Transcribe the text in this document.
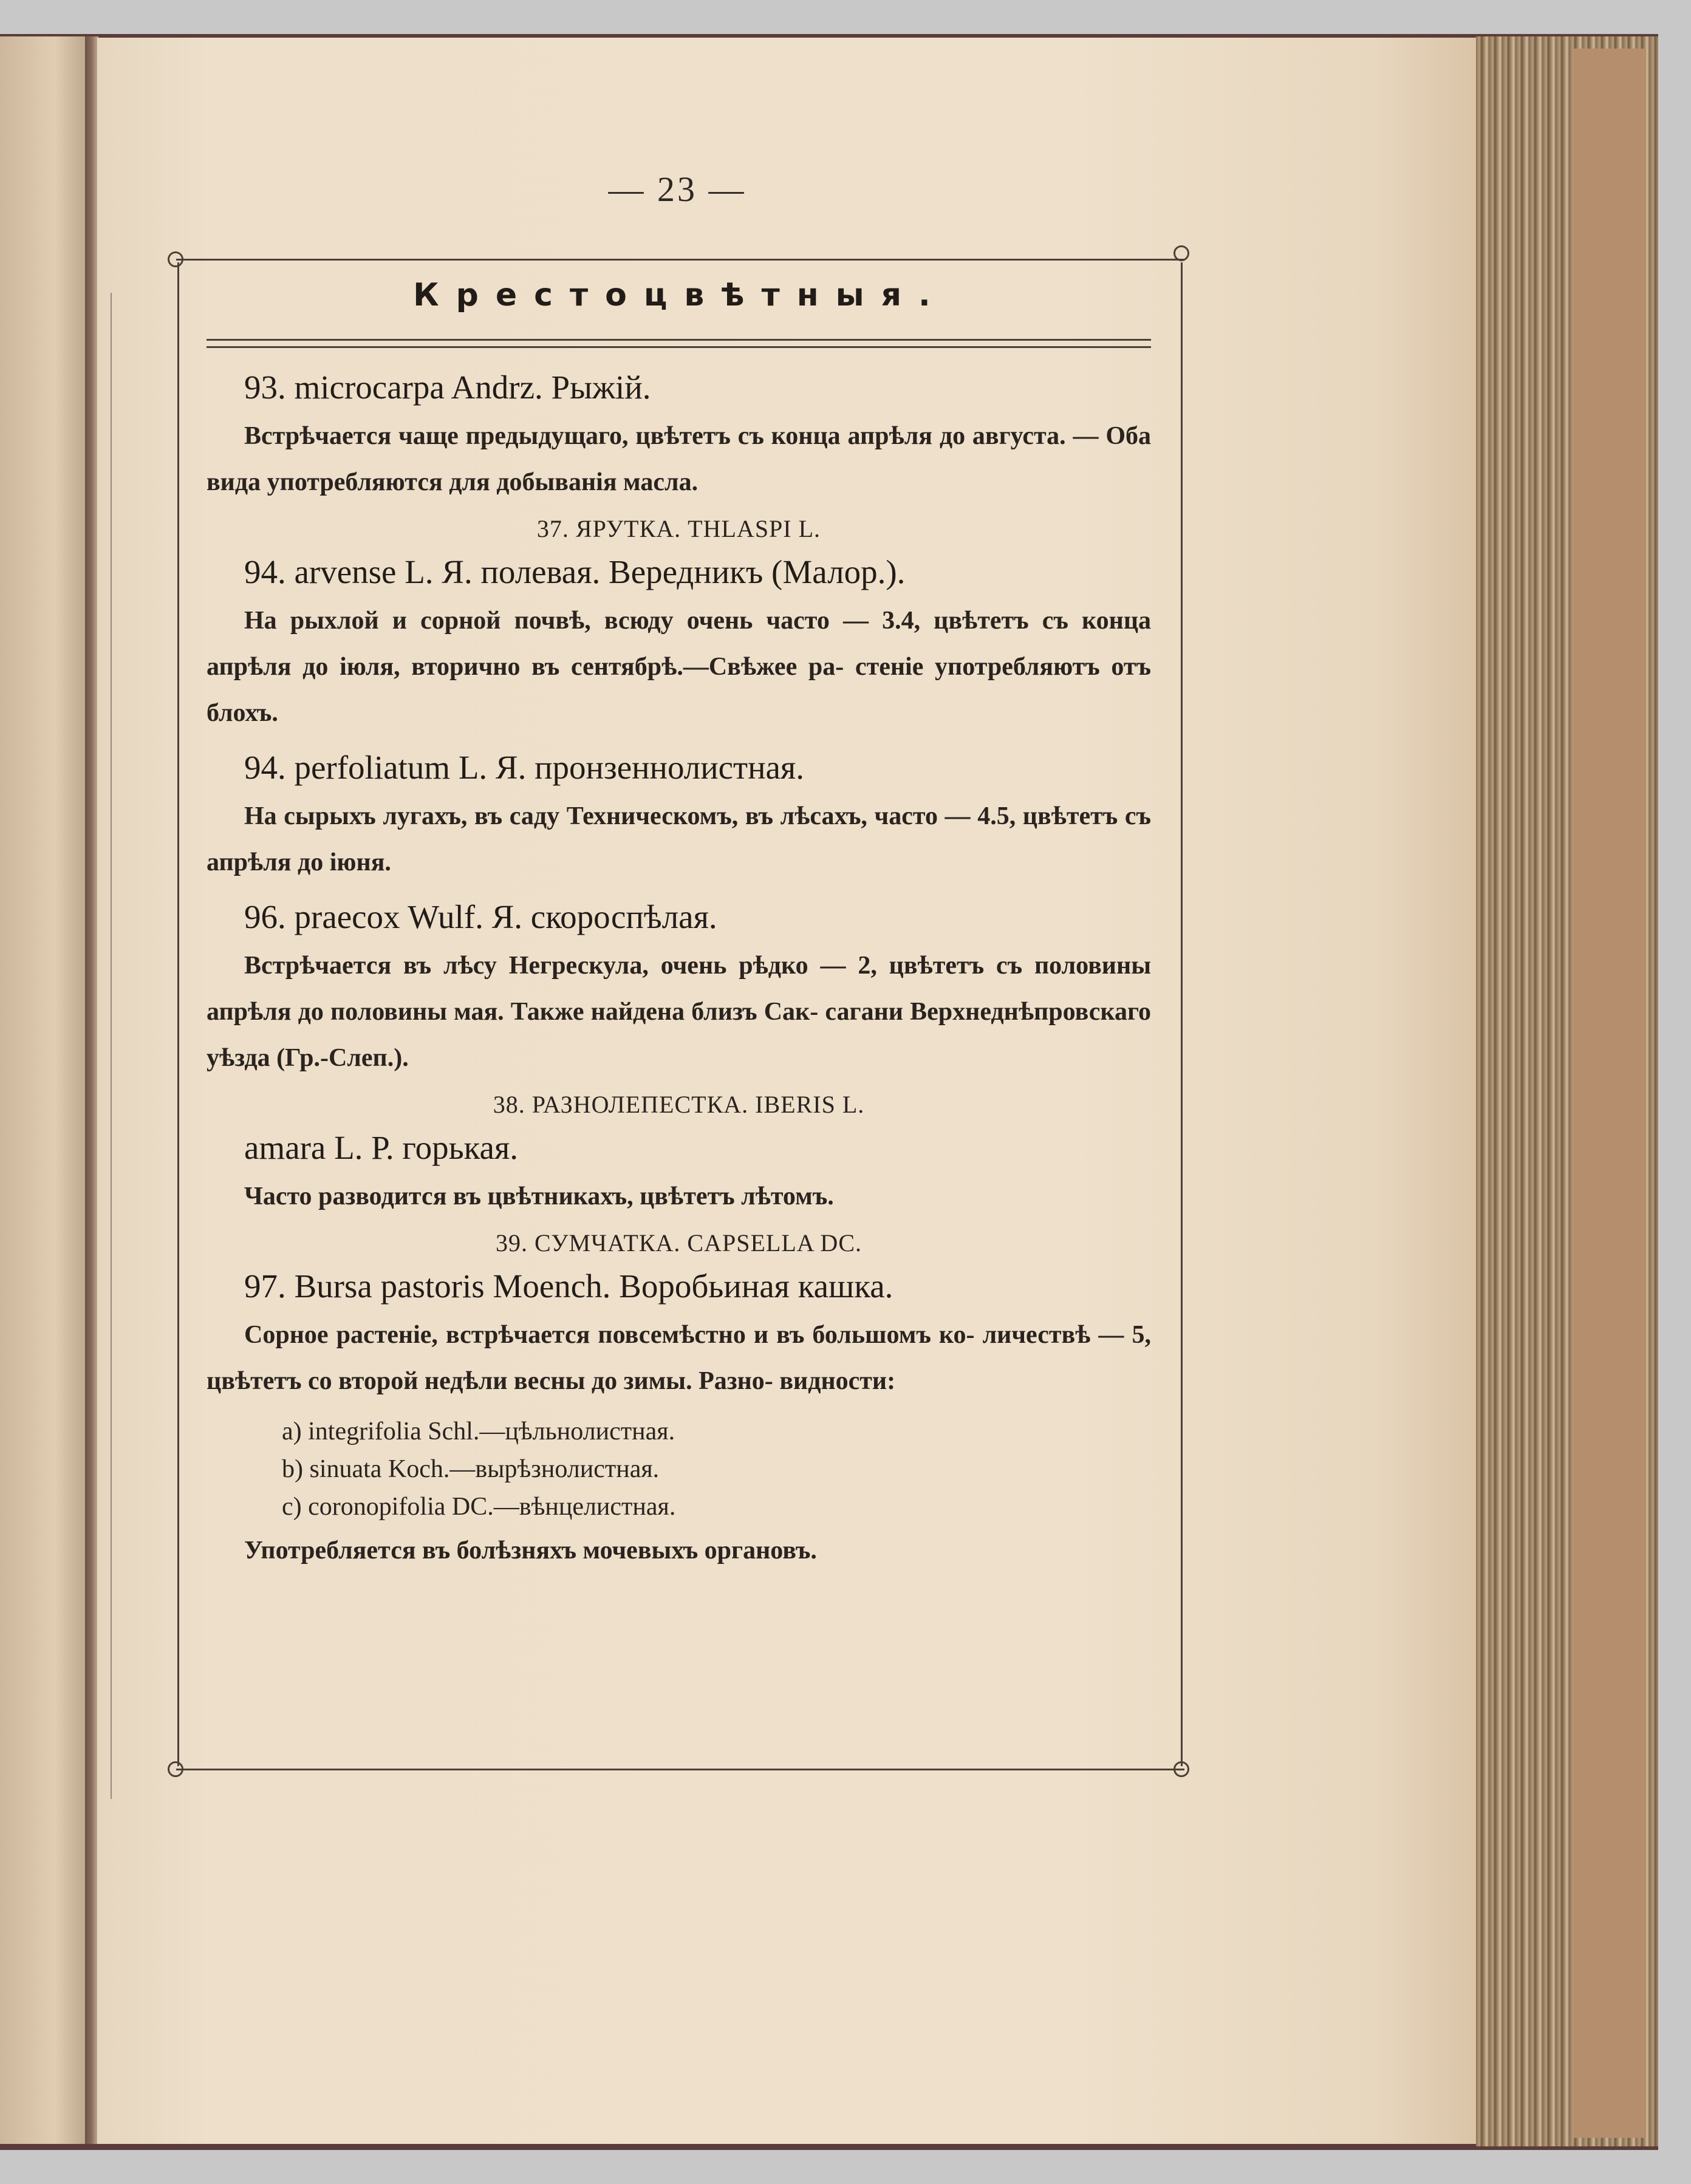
— 23 —
Крестоцвѣтныя.

93. microcarpa Andrz. Рыжій.

Встрѣчается чаще предыдущаго, цвѣтетъ съ конца апрѣля до августа. — Оба вида употребляются для добыванія масла.

37. ЯРУТКА. THLASPI L.

94. arvense L. Я. полевая. Вередникъ (Малор.).

На рыхлой и сорной почвѣ, всюду очень часто — 3.4, цвѣтетъ съ конца апрѣля до іюля, вторично въ сентябрѣ.—Свѣжее ра- стеніе употребляютъ отъ блохъ.

94. perfoliatum L. Я. пронзеннолистная.

На сырыхъ лугахъ, въ саду Техническомъ, въ лѣсахъ, часто — 4.5, цвѣтетъ съ апрѣля до іюня.

96. praecox Wulf. Я. скороспѣлая.

Встрѣчается въ лѣсу Негрескула, очень рѣдко — 2, цвѣтетъ съ половины апрѣля до половины мая. Также найдена близъ Сак- сагани Верхнеднѣпровскаго уѣзда (Гр.-Слеп.).

38. РАЗНОЛЕПЕСТКА. IBERIS L.

amara L. Р. горькая.

Часто разводится въ цвѣтникахъ, цвѣтетъ лѣтомъ.

39. СУМЧАТКА. CAPSELLA DC.

97. Bursa pastoris Moench. Воробьиная кашка.

Сорное растеніе, встрѣчается повсемѣстно и въ большомъ ко- личествѣ — 5, цвѣтетъ со второй недѣли весны до зимы. Разно- видности:

a) integrifolia Schl.—цѣльнолистная.

b) sinuata Koch.—вырѣзнолистная.

c) coronopifolia DC.—вѣнцелистная.

Употребляется въ болѣзняхъ мочевыхъ органовъ.
